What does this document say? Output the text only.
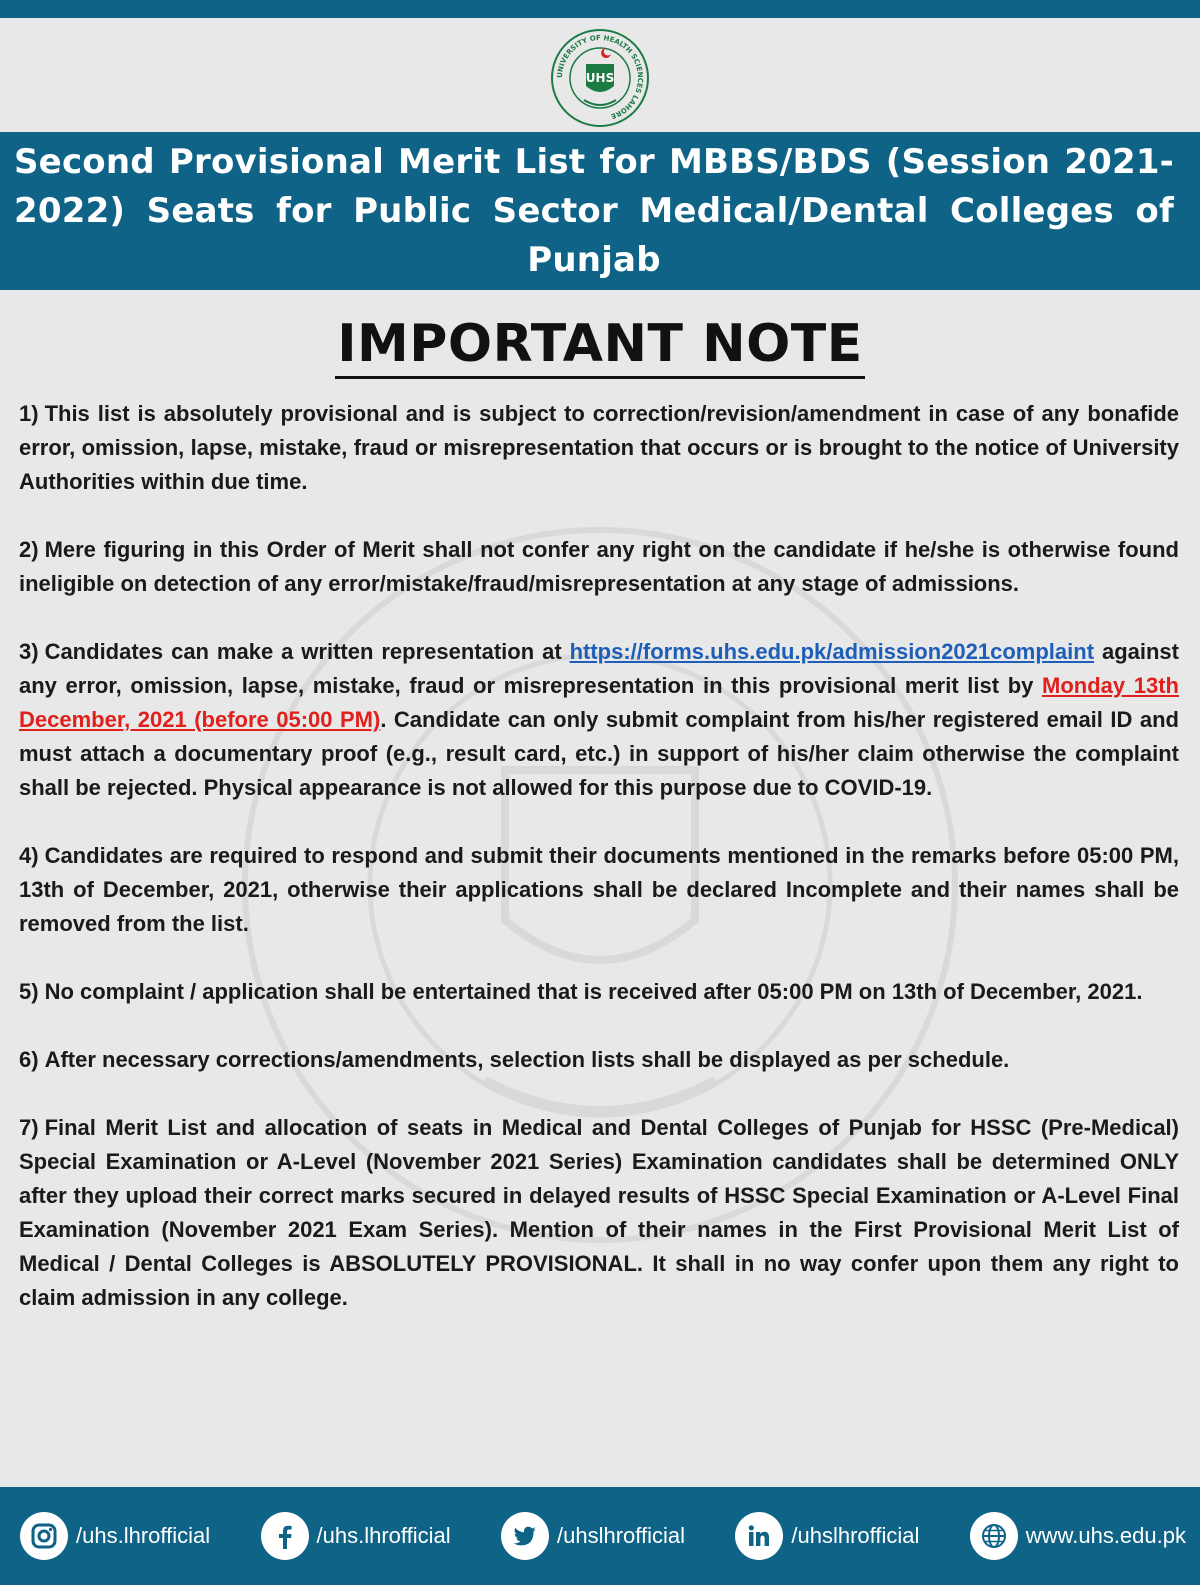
UNIVERSITY OF HEALTH SCIENCES LAHORE
UHS
Second Provisional Merit List for MBBS/BDS (Session 2021-2022) Seats for Public Sector Medical/Dental Colleges of Punjab
IMPORTANT NOTE

1) This list is absolutely provisional and is subject to correction/revision/amendment in case of any bonafide error, omission, lapse, mistake, fraud or misrepresentation that occurs or is brought to the notice of University Authorities within due time.

2) Mere figuring in this Order of Merit shall not confer any right on the candidate if he/she is otherwise found ineligible on detection of any error/mistake/fraud/misrepresentation at any stage of admissions.

3) Candidates can make a written representation at https://forms.uhs.edu.pk/admission2021complaint against any error, omission, lapse, mistake, fraud or misrepresentation in this provisional merit list by Monday 13th December, 2021 (before 05:00 PM). Candidate can only submit complaint from his/her registered email ID and must attach a documentary proof (e.g., result card, etc.) in support of his/her claim otherwise the complaint shall be rejected. Physical appearance is not allowed for this purpose due to COVID-19.

4) Candidates are required to respond and submit their documents mentioned in the remarks before 05:00 PM, 13th of December, 2021, otherwise their applications shall be declared Incomplete and their names shall be removed from the list.

5) No complaint / application shall be entertained that is received after 05:00 PM on 13th of December, 2021.

6) After necessary corrections/amendments, selection lists shall be displayed as per schedule.

7) Final Merit List and allocation of seats in Medical and Dental Colleges of Punjab for HSSC (Pre-Medical) Special Examination or A-Level (November 2021 Series) Examination candidates shall be determined ONLY after they upload their correct marks secured in delayed results of HSSC Special Examination or A-Level Final Examination (November 2021 Exam Series). Mention of their names in the First Provisional Merit List of Medical / Dental Colleges is ABSOLUTELY PROVISIONAL. It shall in no way confer upon them any right to claim admission in any college.

/uhs.lhrofficial	/uhs.lhrofficial	/uhslhrofficial	/uhslhrofficial	www.uhs.edu.pk
